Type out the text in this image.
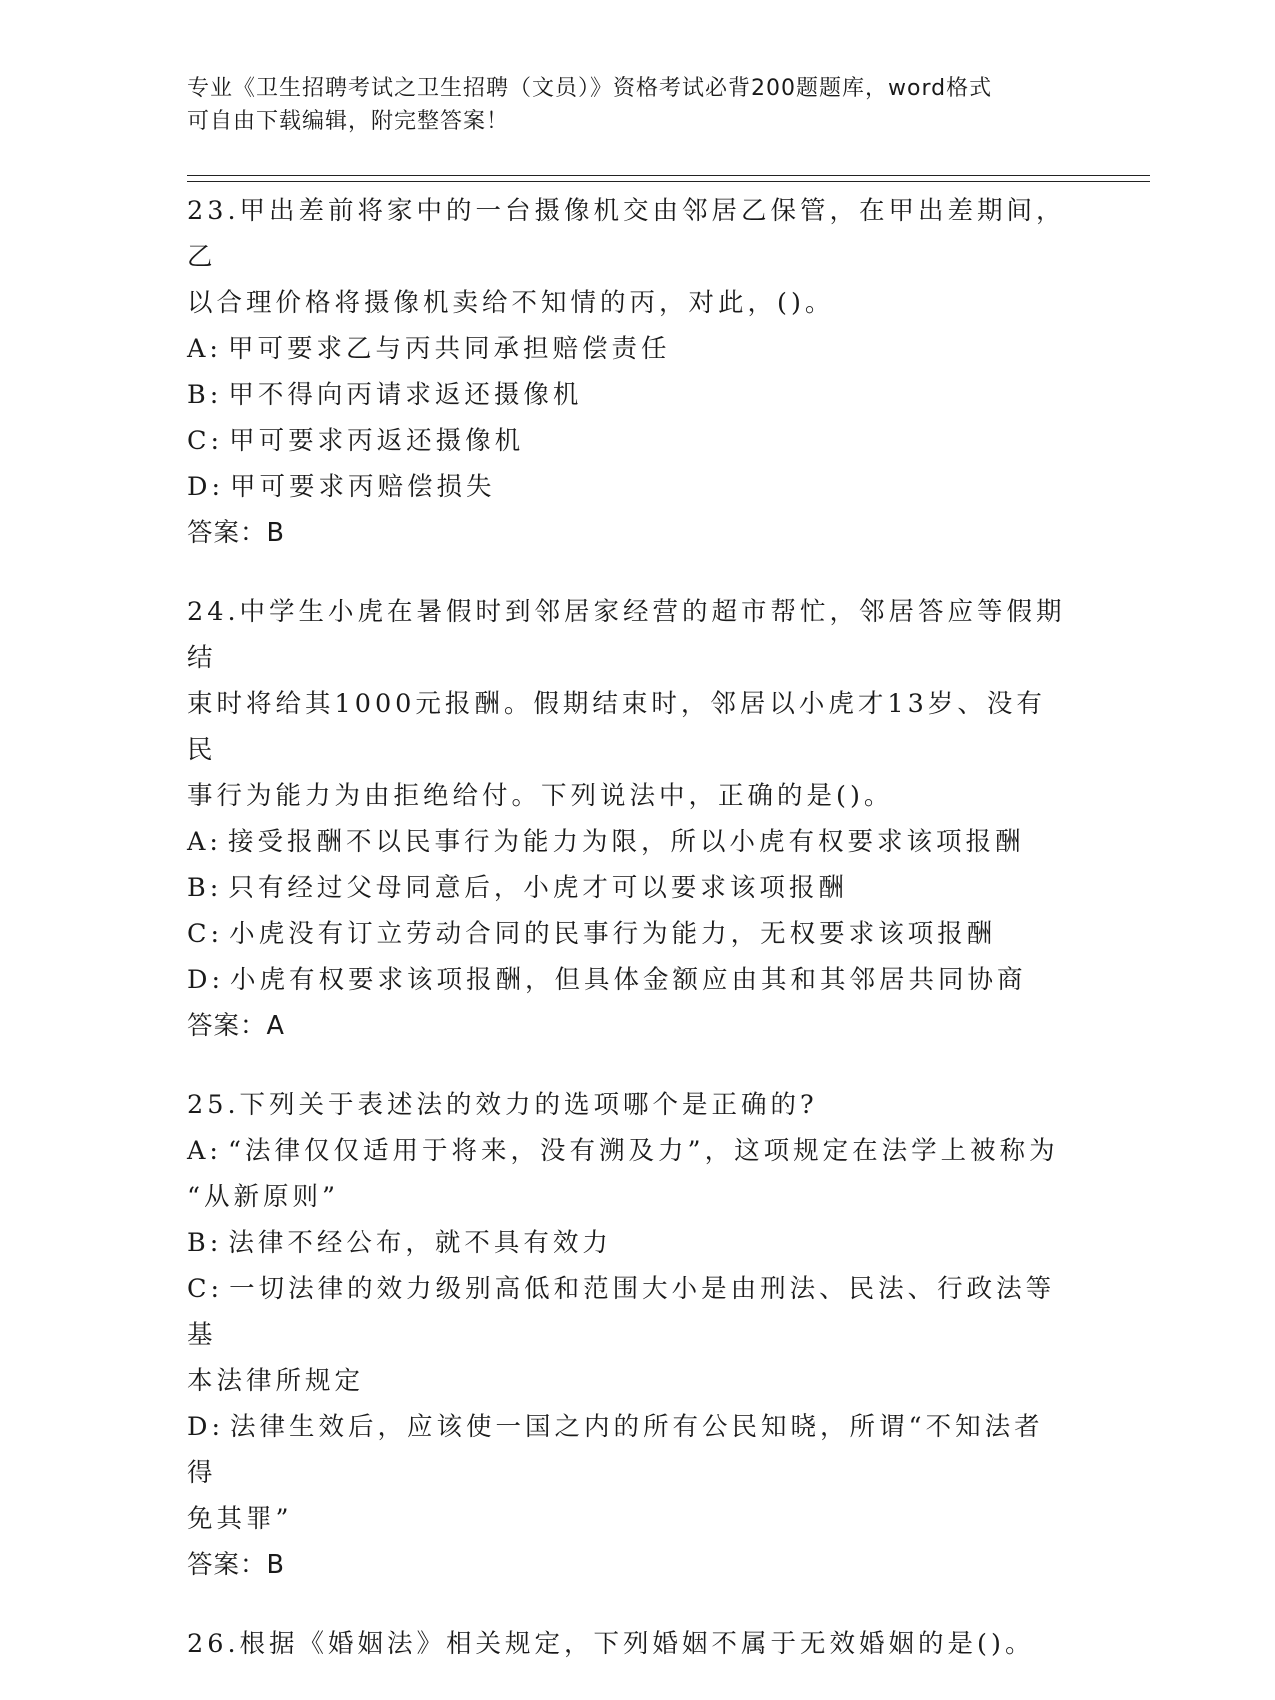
专业《卫生招聘考试之卫生招聘（文员）》资格考试必背200题题库，word格式
可自由下载编辑，附完整答案！
23.甲出差前将家中的一台摄像机交由邻居乙保管，在甲出差期间，乙
以合理价格将摄像机卖给不知情的丙，对此，()。
A: 甲可要求乙与丙共同承担赔偿责任
B: 甲不得向丙请求返还摄像机
C: 甲可要求丙返还摄像机
D: 甲可要求丙赔偿损失
答案：B
24.中学生小虎在暑假时到邻居家经营的超市帮忙，邻居答应等假期结
束时将给其1000元报酬。假期结束时，邻居以小虎才13岁、没有民
事行为能力为由拒绝给付。下列说法中，正确的是()。
A: 接受报酬不以民事行为能力为限，所以小虎有权要求该项报酬
B: 只有经过父母同意后，小虎才可以要求该项报酬
C: 小虎没有订立劳动合同的民事行为能力，无权要求该项报酬
D: 小虎有权要求该项报酬，但具体金额应由其和其邻居共同协商
答案：A
25.下列关于表述法的效力的选项哪个是正确的?
A: “法律仅仅适用于将来，没有溯及力”，这项规定在法学上被称为
“从新原则”
B: 法律不经公布，就不具有效力
C: 一切法律的效力级别高低和范围大小是由刑法、民法、行政法等基
本法律所规定
D: 法律生效后，应该使一国之内的所有公民知晓，所谓“不知法者得
免其罪”
答案：B
26.根据《婚姻法》相关规定，下列婚姻不属于无效婚姻的是()。
